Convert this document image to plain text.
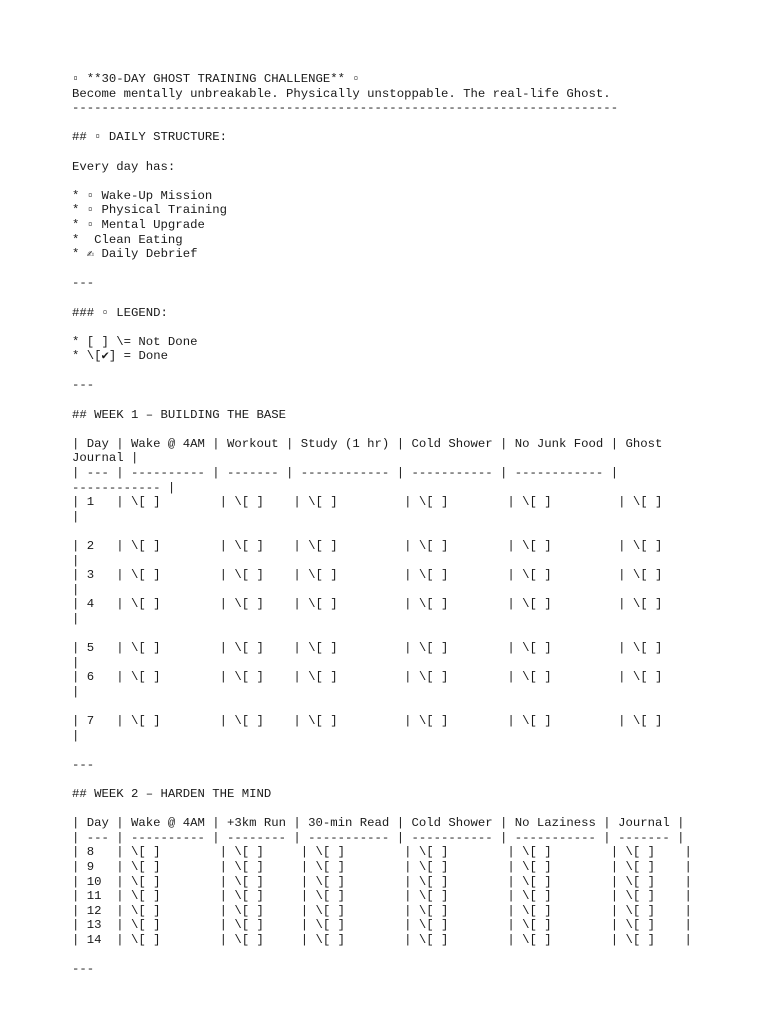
▫ **30-DAY GHOST TRAINING CHALLENGE** ▫
Become mentally unbreakable. Physically unstoppable. The real-life Ghost.
--------------------------------------------------------------------------
## ▫ DAILY STRUCTURE:
Every day has:
* ▫ Wake-Up Mission
* ▫ Physical Training
* ▫ Mental Upgrade
*  Clean Eating
* ✍ Daily Debrief
---
### ▫ LEGEND:
* [ ] \= Not Done
* \[✔] = Done
---
## WEEK 1 – BUILDING THE BASE
| Day | Wake @ 4AM | Workout | Study (1 hr) | Cold Shower | No Junk Food | Ghost
Journal |
| --- | ---------- | ------- | ------------ | ----------- | ------------ |
------------ |
| 1   | \[ ]        | \[ ]    | \[ ]         | \[ ]        | \[ ]         | \[ ]
|
| 2   | \[ ]        | \[ ]    | \[ ]         | \[ ]        | \[ ]         | \[ ]
|
| 3   | \[ ]        | \[ ]    | \[ ]         | \[ ]        | \[ ]         | \[ ]
|
| 4   | \[ ]        | \[ ]    | \[ ]         | \[ ]        | \[ ]         | \[ ]
|
| 5   | \[ ]        | \[ ]    | \[ ]         | \[ ]        | \[ ]         | \[ ]
|
| 6   | \[ ]        | \[ ]    | \[ ]         | \[ ]        | \[ ]         | \[ ]
|
| 7   | \[ ]        | \[ ]    | \[ ]         | \[ ]        | \[ ]         | \[ ]
|
---
## WEEK 2 – HARDEN THE MIND
| Day | Wake @ 4AM | +3km Run | 30-min Read | Cold Shower | No Laziness | Journal |
| --- | ---------- | -------- | ----------- | ----------- | ----------- | ------- |
| 8   | \[ ]        | \[ ]     | \[ ]        | \[ ]        | \[ ]        | \[ ]    |
| 9   | \[ ]        | \[ ]     | \[ ]        | \[ ]        | \[ ]        | \[ ]    |
| 10  | \[ ]        | \[ ]     | \[ ]        | \[ ]        | \[ ]        | \[ ]    |
| 11  | \[ ]        | \[ ]     | \[ ]        | \[ ]        | \[ ]        | \[ ]    |
| 12  | \[ ]        | \[ ]     | \[ ]        | \[ ]        | \[ ]        | \[ ]    |
| 13  | \[ ]        | \[ ]     | \[ ]        | \[ ]        | \[ ]        | \[ ]    |
| 14  | \[ ]        | \[ ]     | \[ ]        | \[ ]        | \[ ]        | \[ ]    |
---
